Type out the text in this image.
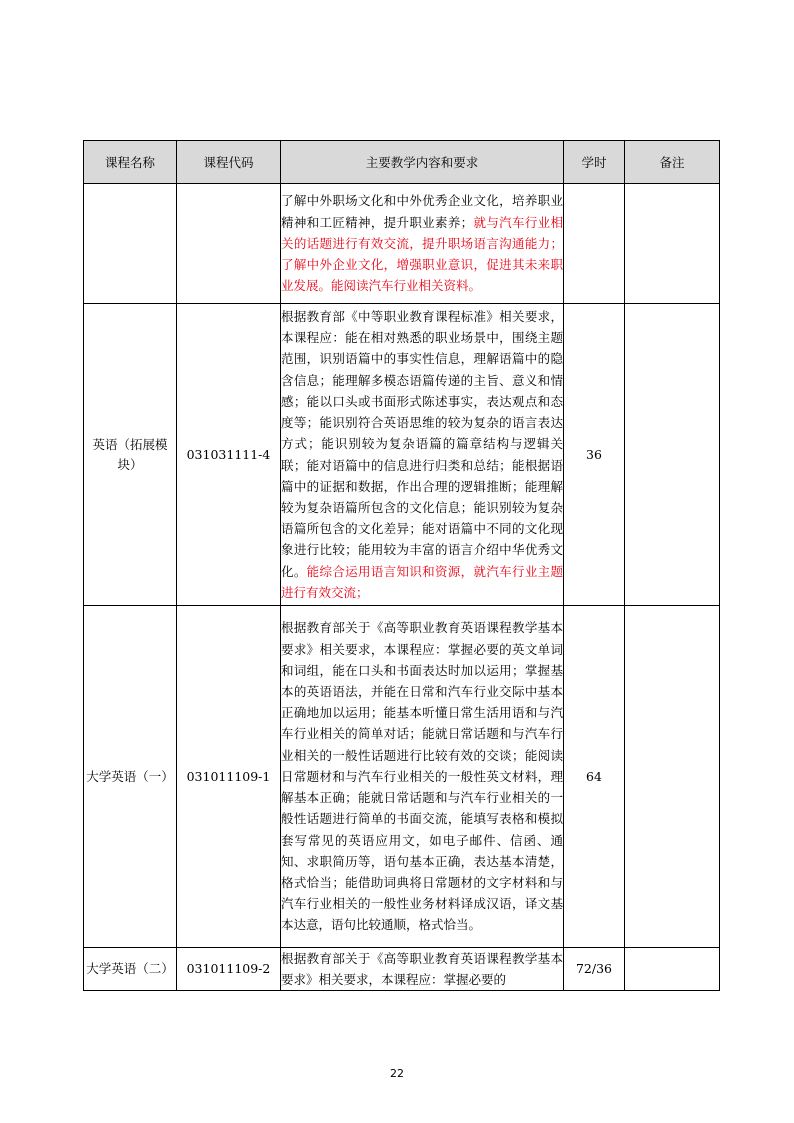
课程名称	课程代码	主要教学内容和要求	学时	备注
		了解中外职场文化和中外优秀企业文化，培养职业精神和工匠精神，提升职业素养；就与汽车行业相关的话题进行有效交流，提升职场语言沟通能力；了解中外企业文化，增强职业意识，促进其未来职业发展。能阅读汽车行业相关资料。		
英语（拓展模块）	031031111-4	根据教育部《中等职业教育课程标准》相关要求，本课程应：能在相对熟悉的职业场景中，围绕主题范围，识别语篇中的事实性信息，理解语篇中的隐含信息；能理解多模态语篇传递的主旨、意义和情感；能以口头或书面形式陈述事实，表达观点和态度等；能识别符合英语思维的较为复杂的语言表达方式；能识别较为复杂语篇的篇章结构与逻辑关联；能对语篇中的信息进行归类和总结；能根据语篇中的证据和数据，作出合理的逻辑推断；能理解较为复杂语篇所包含的文化信息；能识别较为复杂语篇所包含的文化差异；能对语篇中不同的文化现象进行比较；能用较为丰富的语言介绍中华优秀文化。能综合运用语言知识和资源，就汽车行业主题进行有效交流；	36	
大学英语（一）	031011109-1	根据教育部关于《高等职业教育英语课程教学基本要求》相关要求，本课程应：掌握必要的英文单词和词组，能在口头和书面表达时加以运用；掌握基本的英语语法，并能在日常和汽车行业交际中基本正确地加以运用；能基本听懂日常生活用语和与汽车行业相关的简单对话；能就日常话题和与汽车行业相关的一般性话题进行比较有效的交谈；能阅读日常题材和与汽车行业相关的一般性英文材料，理解基本正确；能就日常话题和与汽车行业相关的一般性话题进行简单的书面交流，能填写表格和模拟套写常见的英语应用文，如电子邮件、信函、通知、求职简历等，语句基本正确，表达基本清楚，格式恰当；能借助词典将日常题材的文字材料和与汽车行业相关的一般性业务材料译成汉语，译文基本达意，语句比较通顺，格式恰当。	64	
大学英语（二）	031011109-2	根据教育部关于《高等职业教育英语课程教学基本要求》相关要求，本课程应：掌握必要的	72/36	
22
